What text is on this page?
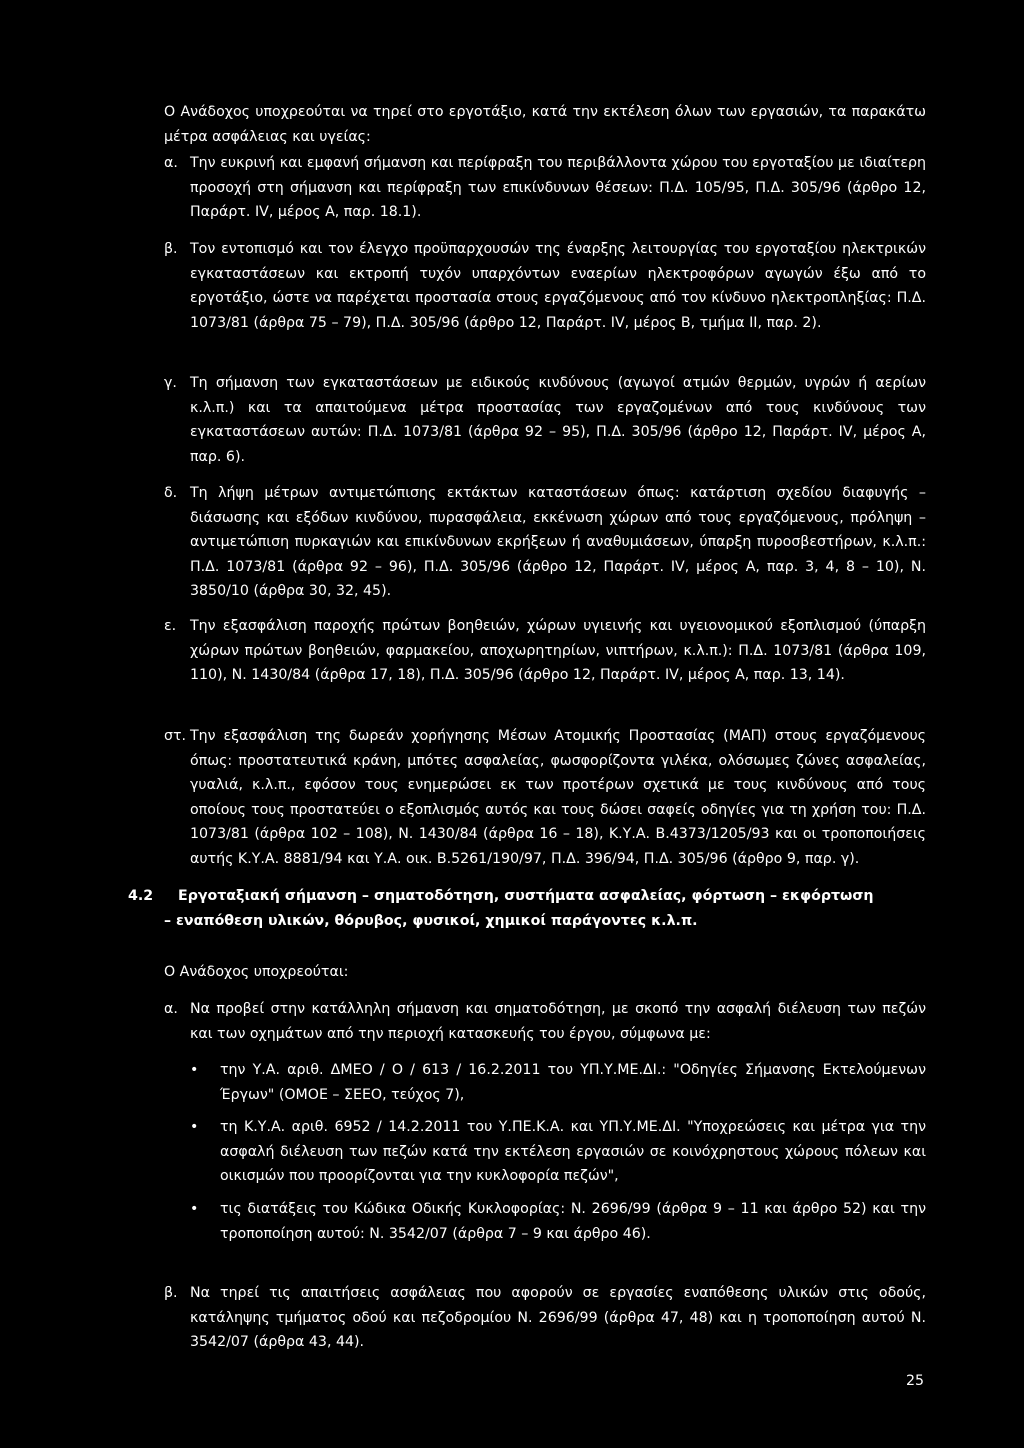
Ο Ανάδοχος υποχρεούται να τηρεί στο εργοτάξιο, κατά την εκτέλεση όλων των εργασιών, τα παρακάτω μέτρα ασφάλειας και υγείας:
α. Την ευκρινή και εμφανή σήμανση και περίφραξη του περιβάλλοντα χώρου του εργοταξίου με ιδιαίτερη προσοχή στη σήμανση και περίφραξη των επικίνδυνων θέσεων: Π.Δ. 105/95, Π.Δ. 305/96 (άρθρο 12, Παράρτ. IV, μέρος Α, παρ. 18.1).
β. Τον εντοπισμό και τον έλεγχο προϋπαρχουσών της έναρξης λειτουργίας του εργοταξίου ηλεκτρικών εγκαταστάσεων και εκτροπή τυχόν υπαρχόντων εναερίων ηλεκτροφόρων αγωγών έξω από το εργοτάξιο, ώστε να παρέχεται προστασία στους εργαζόμενους από τον κίνδυνο ηλεκτροπληξίας: Π.Δ. 1073/81 (άρθρα 75 – 79), Π.Δ. 305/96 (άρθρο 12, Παράρτ. IV, μέρος Β, τμήμα ΙΙ, παρ. 2).
γ. Τη σήμανση των εγκαταστάσεων με ειδικούς κινδύνους (αγωγοί ατμών θερμών, υγρών ή αερίων κ.λ.π.) και τα απαιτούμενα μέτρα προστασίας των εργαζομένων από τους κινδύνους των εγκαταστάσεων αυτών: Π.Δ. 1073/81 (άρθρα 92 – 95), Π.Δ. 305/96 (άρθρο 12, Παράρτ. IV, μέρος Α, παρ. 6).
δ. Τη λήψη μέτρων αντιμετώπισης εκτάκτων καταστάσεων όπως: κατάρτιση σχεδίου διαφυγής – διάσωσης και εξόδων κινδύνου, πυρασφάλεια, εκκένωση χώρων από τους εργαζόμενους, πρόληψη – αντιμετώπιση πυρκαγιών και επικίνδυνων εκρήξεων ή αναθυμιάσεων, ύπαρξη πυροσβεστήρων, κ.λ.π.: Π.Δ. 1073/81 (άρθρα 92 – 96), Π.Δ. 305/96 (άρθρο 12, Παράρτ. IV, μέρος Α, παρ. 3, 4, 8 – 10), Ν. 3850/10 (άρθρα 30, 32, 45).
ε. Την εξασφάλιση παροχής πρώτων βοηθειών, χώρων υγιεινής και υγειονομικού εξοπλισμού (ύπαρξη χώρων πρώτων βοηθειών, φαρμακείου, αποχωρητηρίων, νιπτήρων, κ.λ.π.): Π.Δ. 1073/81 (άρθρα 109, 110), Ν. 1430/84 (άρθρα 17, 18), Π.Δ. 305/96 (άρθρο 12, Παράρτ. IV, μέρος Α, παρ. 13, 14).
στ. Την εξασφάλιση της δωρεάν χορήγησης Μέσων Ατομικής Προστασίας (ΜΑΠ) στους εργαζόμενους όπως: προστατευτικά κράνη, μπότες ασφαλείας, φωσφορίζοντα γιλέκα, ολόσωμες ζώνες ασφαλείας, γυαλιά, κ.λ.π., εφόσον τους ενημερώσει εκ των προτέρων σχετικά με τους κινδύνους από τους οποίους τους προστατεύει ο εξοπλισμός αυτός και τους δώσει σαφείς οδηγίες για τη χρήση του: Π.Δ. 1073/81 (άρθρα 102 – 108), Ν. 1430/84 (άρθρα 16 – 18), Κ.Υ.Α. Β.4373/1205/93 και οι τροποποιήσεις αυτής Κ.Υ.Α. 8881/94 και Υ.Α. οικ. Β.5261/190/97, Π.Δ. 396/94, Π.Δ. 305/96 (άρθρο 9, παρ. γ).
4.2 Εργοταξιακή σήμανση – σηματοδότηση, συστήματα ασφαλείας, φόρτωση – εκφόρτωση
– εναπόθεση υλικών, θόρυβος, φυσικοί, χημικοί παράγοντες κ.λ.π.
Ο Ανάδοχος υποχρεούται:
α. Να προβεί στην κατάλληλη σήμανση και σηματοδότηση, με σκοπό την ασφαλή διέλευση των πεζών και των οχημάτων από την περιοχή κατασκευής του έργου, σύμφωνα με:
• την Υ.Α. αριθ. ΔΜΕΟ / Ο / 613 / 16.2.2011 του ΥΠ.Υ.ΜΕ.ΔΙ.: "Οδηγίες Σήμανσης Εκτελούμενων Έργων" (ΟΜΟΕ – ΣΕΕΟ, τεύχος 7),
• τη Κ.Υ.Α. αριθ. 6952 / 14.2.2011 του Υ.ΠΕ.Κ.Α. και ΥΠ.Υ.ΜΕ.ΔΙ. "Υποχρεώσεις και μέτρα για την ασφαλή διέλευση των πεζών κατά την εκτέλεση εργασιών σε κοινόχρηστους χώρους πόλεων και οικισμών που προορίζονται για την κυκλοφορία πεζών",
• τις διατάξεις του Κώδικα Οδικής Κυκλοφορίας: Ν. 2696/99 (άρθρα 9 – 11 και άρθρο 52) και την τροποποίηση αυτού: Ν. 3542/07 (άρθρα 7 – 9 και άρθρο 46).
β. Να τηρεί τις απαιτήσεις ασφάλειας που αφορούν σε εργασίες εναπόθεσης υλικών στις οδούς, κατάληψης τμήματος οδού και πεζοδρομίου Ν. 2696/99 (άρθρα 47, 48) και η τροποποίηση αυτού Ν. 3542/07 (άρθρα 43, 44).
25
